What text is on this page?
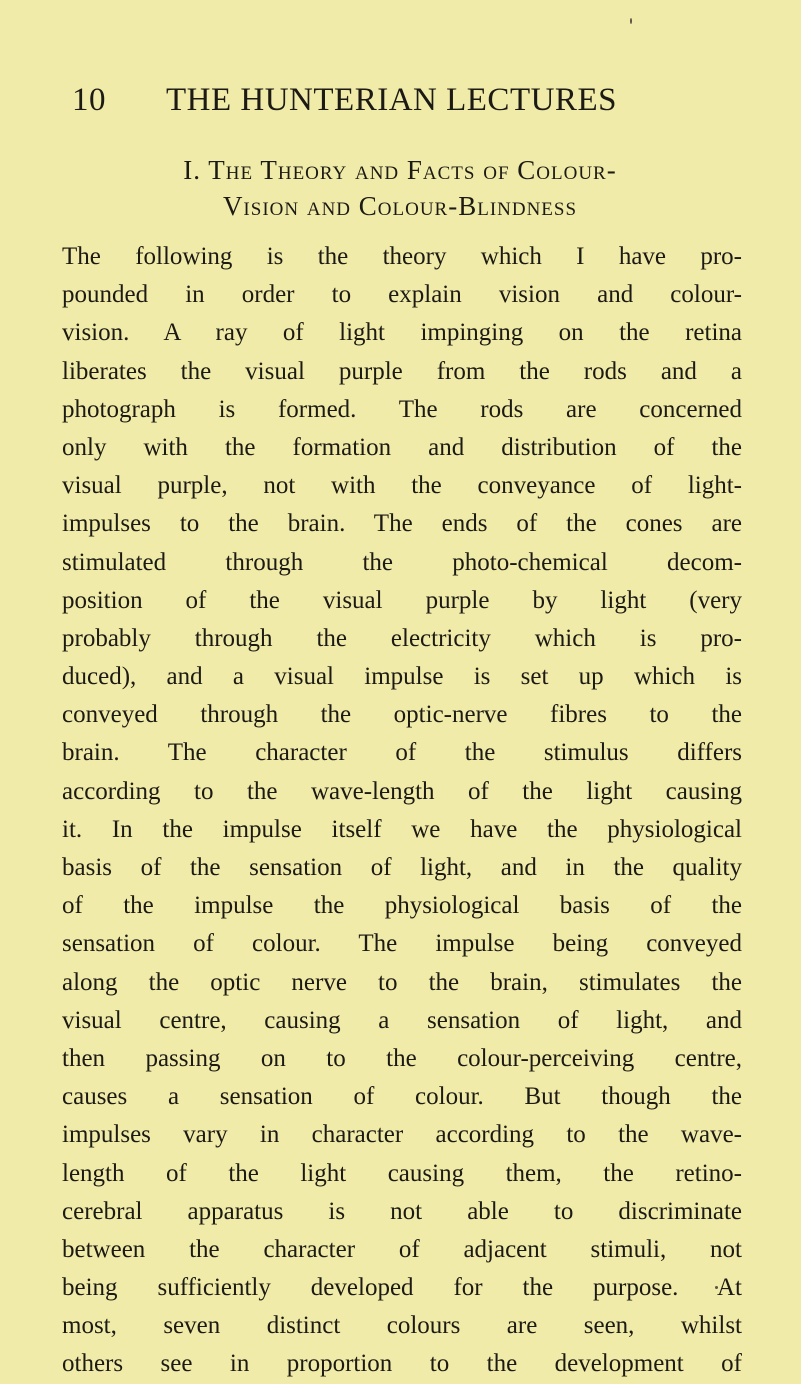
10 THE HUNTERIAN LECTURES
I. The Theory and Facts of Colour-
Vision and Colour-Blindness
The following is the theory which I have pro-
pounded in order to explain vision and colour-
vision. A ray of light impinging on the retina
liberates the visual purple from the rods and a
photograph is formed. The rods are concerned
only with the formation and distribution of the
visual purple, not with the conveyance of light-
impulses to the brain. The ends of the cones are
stimulated through the photo-chemical decom-
position of the visual purple by light (very
probably through the electricity which is pro-
duced), and a visual impulse is set up which is
conveyed through the optic-nerve fibres to the
brain. The character of the stimulus differs
according to the wave-length of the light causing
it. In the impulse itself we have the physiological
basis of the sensation of light, and in the quality
of the impulse the physiological basis of the
sensation of colour. The impulse being conveyed
along the optic nerve to the brain, stimulates the
visual centre, causing a sensation of light, and
then passing on to the colour-perceiving centre,
causes a sensation of colour. But though the
impulses vary in character according to the wave-
length of the light causing them, the retino-
cerebral apparatus is not able to discriminate
between the character of adjacent stimuli, not
being sufficiently developed for the purpose. At
most, seven distinct colours are seen, whilst
others see in proportion to the development of
